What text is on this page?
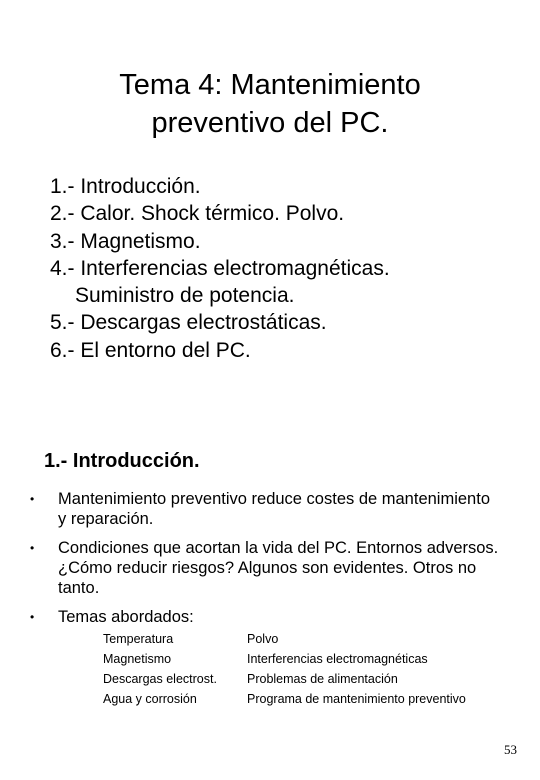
Tema 4: Mantenimiento
preventivo del PC.
1.- Introducción.
2.- Calor. Shock térmico. Polvo.
3.- Magnetismo.
4.- Interferencias electromagnéticas.
Suministro de potencia.
5.- Descargas electrostáticas.
6.- El entorno del PC.
1.- Introducción.
• Mantenimiento preventivo reduce costes de mantenimiento y reparación.
• Condiciones que acortan la vida del PC. Entornos adversos. ¿Cómo reducir riesgos? Algunos son evidentes. Otros no tanto.
• Temas abordados:
Temperatura	Polvo
Magnetismo	Interferencias electromagnéticas
Descargas electrost.	Problemas de alimentación
Agua y corrosión	Programa de mantenimiento preventivo
53
